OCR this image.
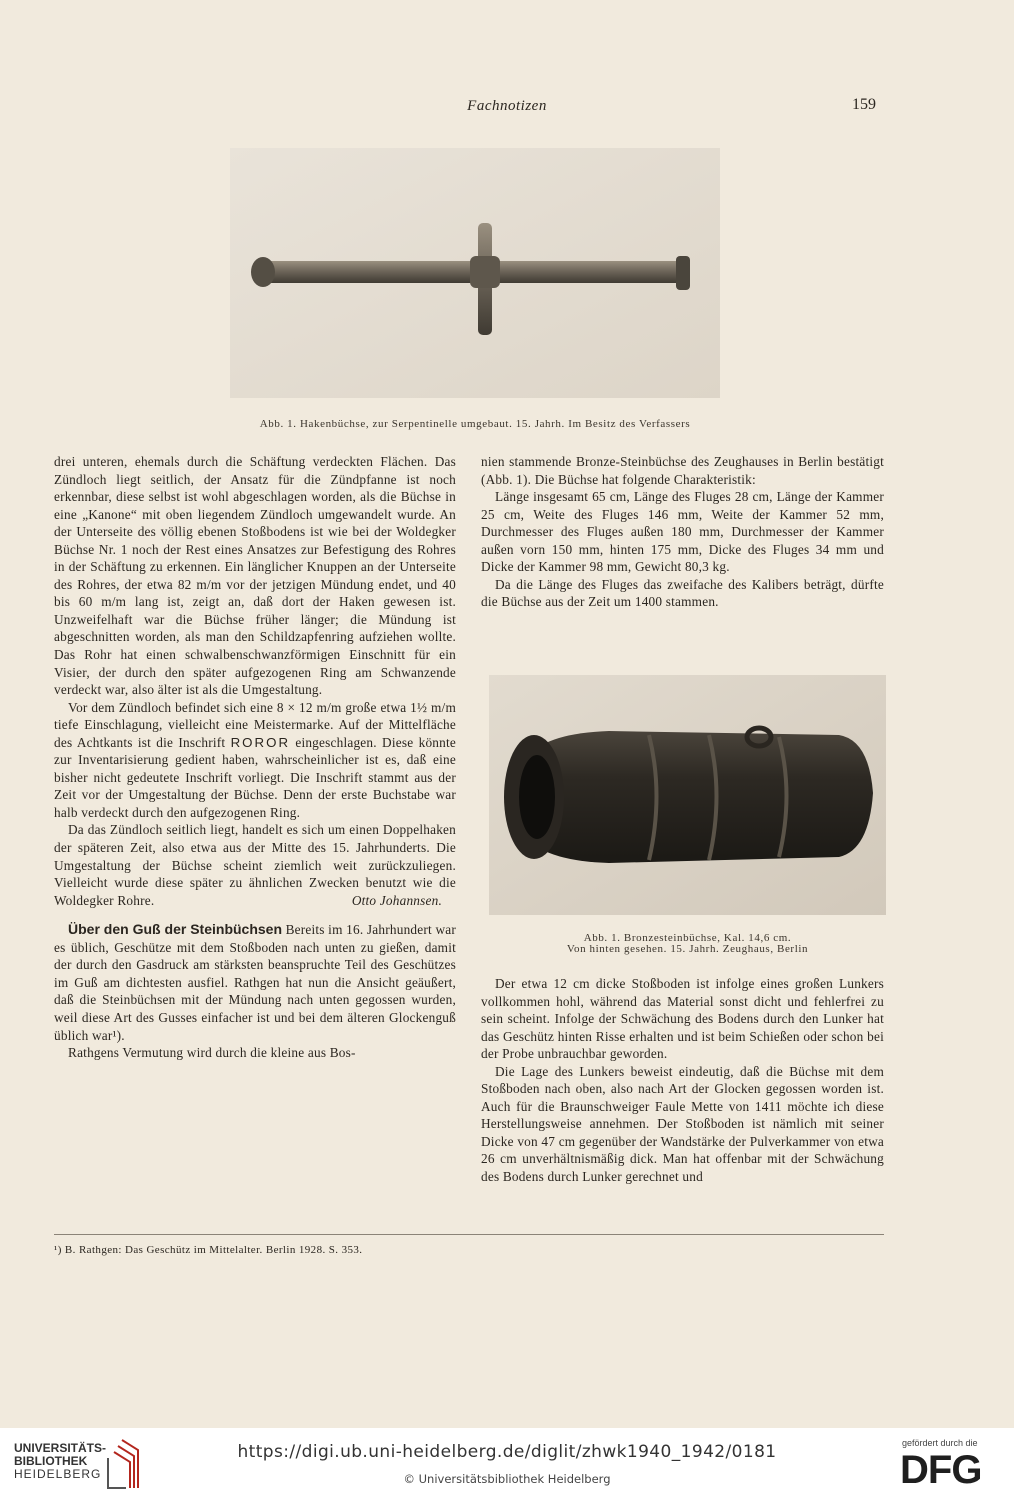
Fachnotizen	159
Abb. 1. Hakenbüchse, zur Serpentinelle umgebaut. 15. Jahrh. Im Besitz des Verfassers

drei unteren, ehemals durch die Schäftung verdeckten Flächen. Das Zündloch liegt seitlich, der Ansatz für die Zündpfanne ist noch erkennbar, diese selbst ist wohl abgeschlagen worden, als die Büchse in eine „Kanone“ mit oben liegendem Zündloch umgewandelt wurde. An der Unterseite des völlig ebenen Stoßbodens ist wie bei der Woldegker Büchse Nr. 1 noch der Rest eines Ansatzes zur Befestigung des Rohres in der Schäftung zu erkennen. Ein länglicher Knuppen an der Unterseite des Rohres, der etwa 82 m/m vor der jetzigen Mündung endet, und 40 bis 60 m/m lang ist, zeigt an, daß dort der Haken gewesen ist. Unzweifelhaft war die Büchse früher länger; die Mündung ist abgeschnitten worden, als man den Schildzapfenring aufziehen wollte. Das Rohr hat einen schwalbenschwanzförmigen Einschnitt für ein Visier, der durch den später aufgezogenen Ring am Schwanzende verdeckt war, also älter ist als die Umgestaltung.

Vor dem Zündloch befindet sich eine 8 × 12 m/m große etwa 1½ m/m tiefe Einschlagung, vielleicht eine Meistermarke. Auf der Mittelfläche des Achtkants ist die Inschrift ROROR eingeschlagen. Diese könnte zur Inventarisierung gedient haben, wahrscheinlicher ist es, daß eine bisher nicht gedeutete Inschrift vorliegt. Die Inschrift stammt aus der Zeit vor der Umgestaltung der Büchse. Denn der erste Buchstabe war halb verdeckt durch den aufgezogenen Ring.

Da das Zündloch seitlich liegt, handelt es sich um einen Doppelhaken der späteren Zeit, also etwa aus der Mitte des 15. Jahrhunderts. Die Umgestaltung der Büchse scheint ziemlich weit zurückzuliegen. Vielleicht wurde diese später zu ähnlichen Zwecken benutzt wie die Woldegker Rohre.	Otto Johannsen.

Über den Guß der Steinbüchsen Bereits im 16. Jahrhundert war es üblich, Geschütze mit dem Stoßboden nach unten zu gießen, damit der durch den Gasdruck am stärksten beanspruchte Teil des Geschützes im Guß am dichtesten ausfiel. Rathgen hat nun die Ansicht geäußert, daß die Steinbüchsen mit der Mündung nach unten gegossen wurden, weil diese Art des Gusses einfacher ist und bei dem älteren Glockenguß üblich war¹).

Rathgens Vermutung wird durch die kleine aus Bos-

nien stammende Bronze-Steinbüchse des Zeughauses in Berlin bestätigt (Abb. 1). Die Büchse hat folgende Charakteristik:

Länge insgesamt 65 cm, Länge des Fluges 28 cm, Länge der Kammer 25 cm, Weite des Fluges 146 mm, Weite der Kammer 52 mm, Durchmesser des Fluges außen 180 mm, Durchmesser der Kammer außen vorn 150 mm, hinten 175 mm, Dicke des Fluges 34 mm und Dicke der Kammer 98 mm, Gewicht 80,3 kg.

Da die Länge des Fluges das zweifache des Kalibers beträgt, dürfte die Büchse aus der Zeit um 1400 stammen.

Abb. 1. Bronzesteinbüchse, Kal. 14,6 cm.
Von hinten gesehen. 15. Jahrh. Zeughaus, Berlin

Der etwa 12 cm dicke Stoßboden ist infolge eines großen Lunkers vollkommen hohl, während das Material sonst dicht und fehlerfrei zu sein scheint. Infolge der Schwächung des Bodens durch den Lunker hat das Geschütz hinten Risse erhalten und ist beim Schießen oder schon bei der Probe unbrauchbar geworden.

Die Lage des Lunkers beweist eindeutig, daß die Büchse mit dem Stoßboden nach oben, also nach Art der Glocken gegossen worden ist. Auch für die Braunschweiger Faule Mette von 1411 möchte ich diese Herstellungsweise annehmen. Der Stoßboden ist nämlich mit seiner Dicke von 47 cm gegenüber der Wandstärke der Pulverkammer von etwa 26 cm unverhältnismäßig dick. Man hat offenbar mit der Schwächung des Bodens durch Lunker gerechnet und

¹) B. Rathgen: Das Geschütz im Mittelalter. Berlin 1928. S. 353.
UNIVERSITÄTS-
BIBLIOTHEK
HEIDELBERG
https://digi.ub.uni-heidelberg.de/diglit/zhwk1940_1942/0181
© Universitätsbibliothek Heidelberg
gefördert durch die
DFG
